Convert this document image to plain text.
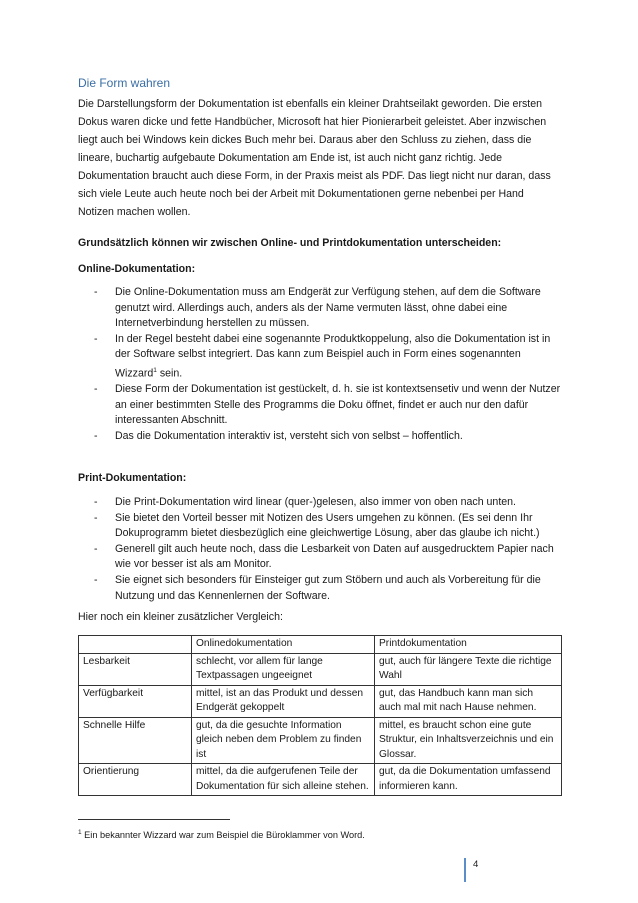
Die Form wahren
Die Darstellungsform der Dokumentation ist ebenfalls ein kleiner Drahtseilakt geworden. Die ersten Dokus waren dicke und fette Handbücher, Microsoft hat hier Pionierarbeit geleistet. Aber inzwischen liegt auch bei Windows kein dickes Buch mehr bei. Daraus aber den Schluss zu ziehen, dass die lineare, buchartig aufgebaute Dokumentation am Ende ist, ist auch nicht ganz richtig. Jede Dokumentation braucht auch diese Form, in der Praxis meist als PDF. Das liegt nicht nur daran, dass sich viele Leute auch heute noch bei der Arbeit mit Dokumentationen gerne nebenbei per Hand Notizen machen wollen.
Grundsätzlich können wir zwischen Online- und Printdokumentation unterscheiden:
Online-Dokumentation:
- Die Online-Dokumentation muss am Endgerät zur Verfügung stehen, auf dem die Software genutzt wird. Allerdings auch, anders als der Name vermuten lässt, ohne dabei eine Internetverbindung herstellen zu müssen.
- In der Regel besteht dabei eine sogenannte Produktkoppelung, also die Dokumentation ist in der Software selbst integriert. Das kann zum Beispiel auch in Form eines sogenannten Wizzard$^1$ sein.
- Diese Form der Dokumentation ist gestückelt, d. h. sie ist kontextsensetiv und wenn der Nutzer an einer bestimmten Stelle des Programms die Doku öffnet, findet er auch nur den dafür interessanten Abschnitt.
- Das die Dokumentation interaktiv ist, versteht sich von selbst – hoffentlich.
Print-Dokumentation:
- Die Print-Dokumentation wird linear (quer-)gelesen, also immer von oben nach unten.
- Sie bietet den Vorteil besser mit Notizen des Users umgehen zu können. (Es sei denn Ihr Dokuprogramm bietet diesbezüglich eine gleichwertige Lösung, aber das glaube ich nicht.)
- Generell gilt auch heute noch, dass die Lesbarkeit von Daten auf ausgedrucktem Papier nach wie vor besser ist als am Monitor.
- Sie eignet sich besonders für Einsteiger gut zum Stöbern und auch als Vorbereitung für die Nutzung und das Kennenlernen der Software.
Hier noch ein kleiner zusätzlicher Vergleich:
	Onlinedokumentation	Printdokumentation
Lesbarkeit	schlecht, vor allem für lange Textpassagen ungeeignet	gut, auch für längere Texte die richtige Wahl
Verfügbarkeit	mittel, ist an das Produkt und dessen Endgerät gekoppelt	gut, das Handbuch kann man sich auch mal mit nach Hause nehmen.
Schnelle Hilfe	gut, da die gesuchte Information gleich neben dem Problem zu finden ist	mittel, es braucht schon eine gute Struktur, ein Inhaltsverzeichnis und ein Glossar.
Orientierung	mittel, da die aufgerufenen Teile der Dokumentation für sich alleine stehen.	gut, da die Dokumentation umfassend informieren kann.
$^1$ Ein bekannter Wizzard war zum Beispiel die Büroklammer von Word.
4
